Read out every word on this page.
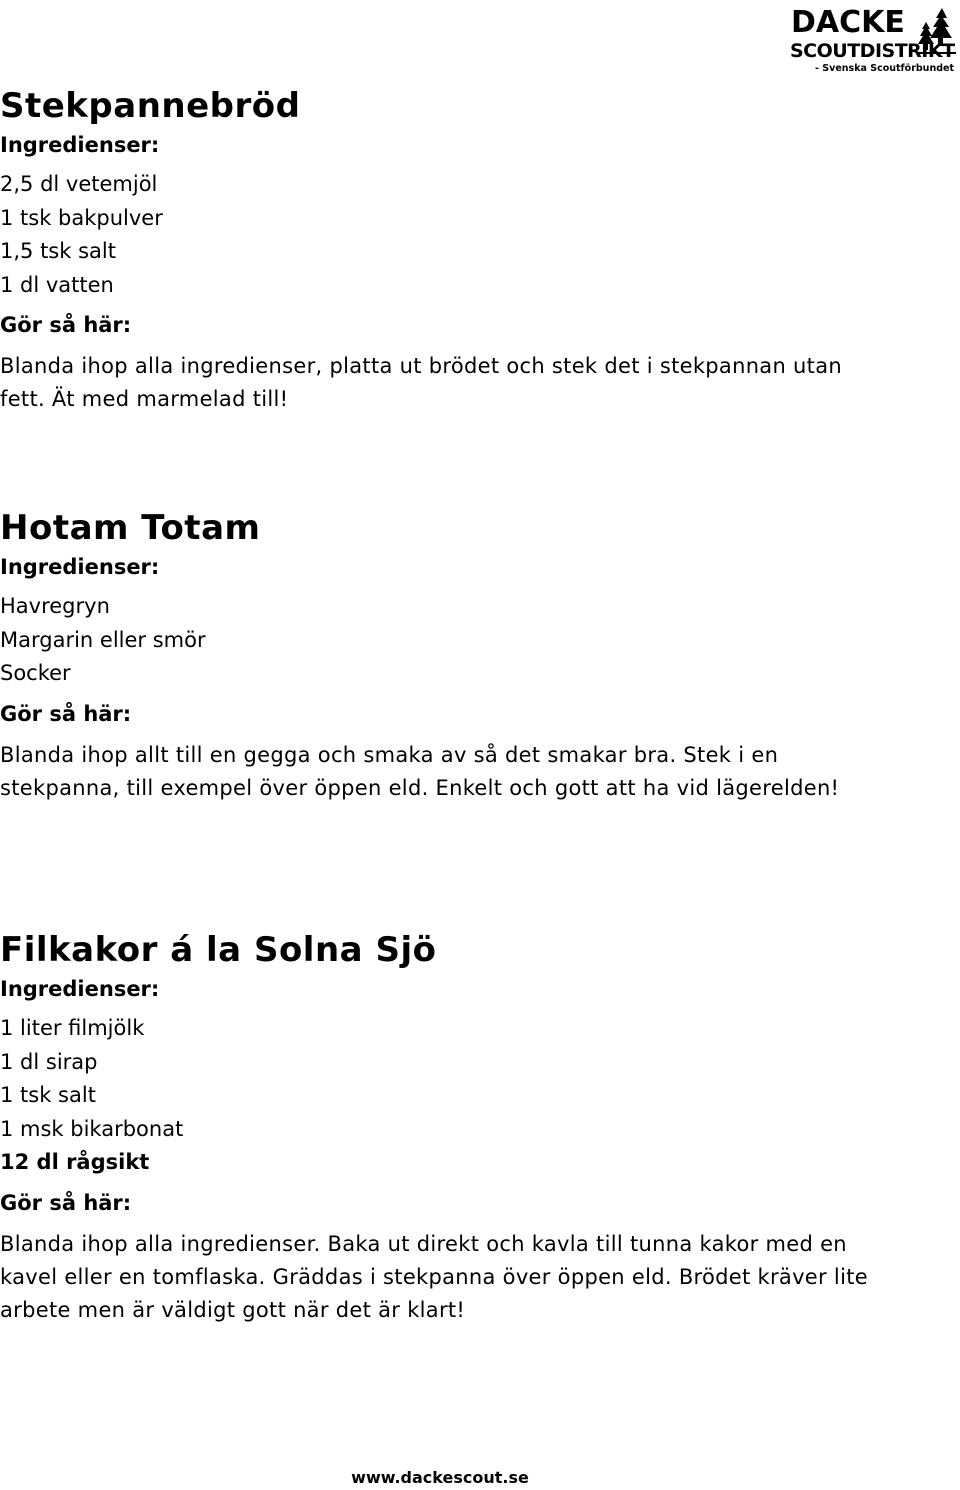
DACKE
SCOUTDISTRIKT
- Svenska Scoutförbundet
Stekpannebröd

Ingredienser:

2,5 dl vetemjöl
1 tsk bakpulver
1,5 tsk salt
1 dl vatten

Gör så här:

Blanda ihop alla ingredienser, platta ut brödet och stek det i stekpannan utan fett. Ät med marmelad till!

Hotam Totam

Ingredienser:

Havregryn
Margarin eller smör
Socker

Gör så här:

Blanda ihop allt till en gegga och smaka av så det smakar bra. Stek i en stekpanna, till exempel över öppen eld. Enkelt och gott att ha vid lägerelden!

Filkakor á la Solna Sjö

Ingredienser:

1 liter filmjölk
1 dl sirap
1 tsk salt
1 msk bikarbonat
12 dl rågsikt

Gör så här:

Blanda ihop alla ingredienser. Baka ut direkt och kavla till tunna kakor med en kavel eller en tomflaska. Gräddas i stekpanna över öppen eld. Brödet kräver lite arbete men är väldigt gott när det är klart!

www.dackescout.se
